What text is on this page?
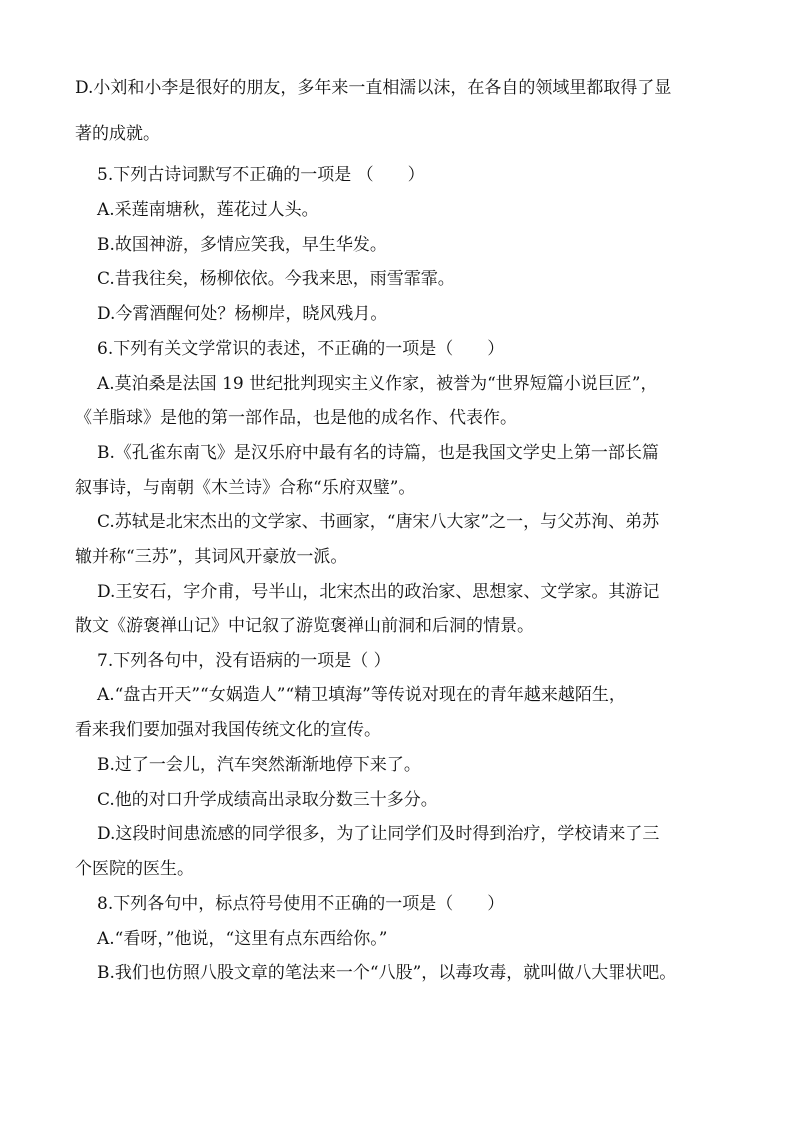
D.小刘和小李是很好的朋友，多年来一直相濡以沫，在各自的领域里都取得了显
著的成就。
5.下列古诗词默写不正确的一项是 （　　）
A.采莲南塘秋，莲花过人头。
B.故国神游，多情应笑我，早生华发。
C.昔我往矣，杨柳依依。今我来思，雨雪霏霏。
D.今霄酒醒何处？杨柳岸，晓风残月。
6.下列有关文学常识的表述，不正确的一项是（　　）
A.莫泊桑是法国 19 世纪批判现实主义作家，被誉为“世界短篇小说巨匠”，
《羊脂球》是他的第一部作品，也是他的成名作、代表作。
B.《孔雀东南飞》是汉乐府中最有名的诗篇，也是我国文学史上第一部长篇
叙事诗，与南朝《木兰诗》合称“乐府双璧”。
C.苏轼是北宋杰出的文学家、书画家，“唐宋八大家”之一，与父苏洵、弟苏
辙并称“三苏”，其词风开豪放一派。
D.王安石，字介甫，号半山，北宋杰出的政治家、思想家、文学家。其游记
散文《游褒禅山记》中记叙了游览褒禅山前洞和后洞的情景。
7.下列各句中，没有语病的一项是（ ）
A.“盘古开天”“女娲造人”“精卫填海”等传说对现在的青年越来越陌生，
看来我们要加强对我国传统文化的宣传。
B.过了一会儿，汽车突然渐渐地停下来了。
C.他的对口升学成绩高出录取分数三十多分。
D.这段时间患流感的同学很多，为了让同学们及时得到治疗，学校请来了三
个医院的医生。
8.下列各句中，标点符号使用不正确的一项是（　　）
A.“看呀，”他说，“这里有点东西给你。”
B.我们也仿照八股文章的笔法来一个“八股”，以毒攻毒，就叫做八大罪状吧。
